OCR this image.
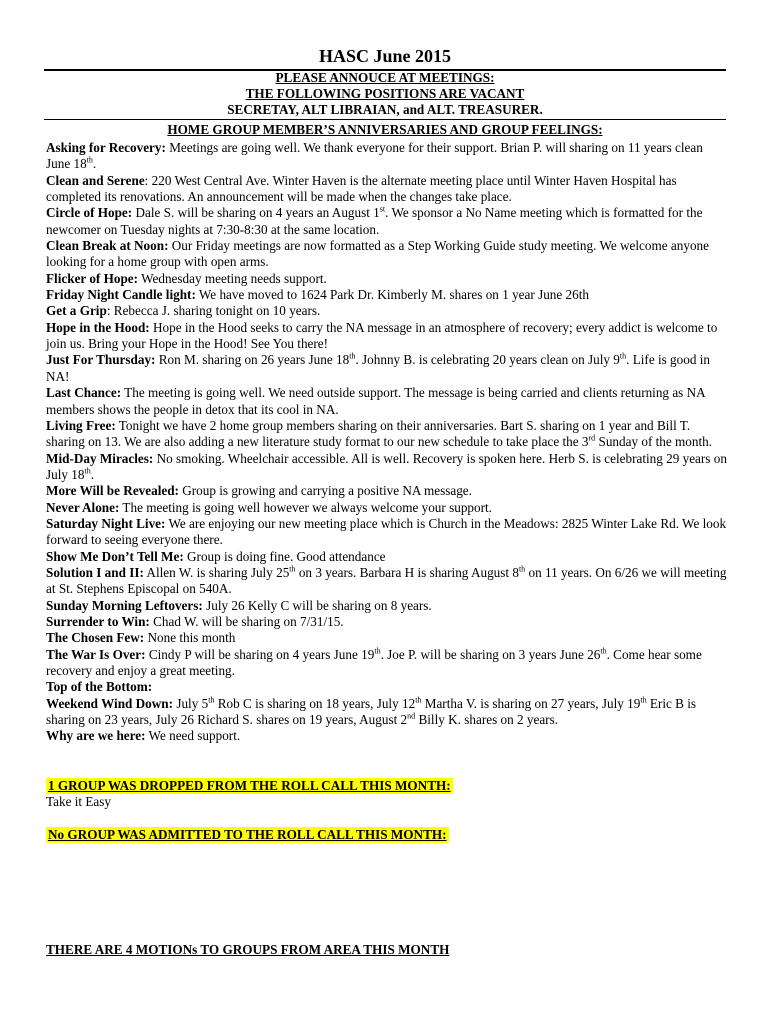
HASC June 2015
PLEASE ANNOUCE AT MEETINGS:
THE FOLLOWING POSITIONS ARE VACANT
SECRETAY, ALT LIBRAIAN, and ALT. TREASURER.
HOME GROUP MEMBER’S ANNIVERSARIES AND GROUP FEELINGS:

Asking for Recovery: Meetings are going well. We thank everyone for their support. Brian P. will sharing on 11 years clean June 18th.

Clean and Serene: 220 West Central Ave. Winter Haven is the alternate meeting place until Winter Haven Hospital has completed its renovations. An announcement will be made when the changes take place.

Circle of Hope: Dale S. will be sharing on 4 years an August 1st. We sponsor a No Name meeting which is formatted for the newcomer on Tuesday nights at 7:30-8:30 at the same location.

Clean Break at Noon: Our Friday meetings are now formatted as a Step Working Guide study meeting. We welcome anyone looking for a home group with open arms.

Flicker of Hope: Wednesday meeting needs support.

Friday Night Candle light: We have moved to 1624 Park Dr. Kimberly M. shares on 1 year June 26th

Get a Grip: Rebecca J. sharing tonight on 10 years.

Hope in the Hood: Hope in the Hood seeks to carry the NA message in an atmosphere of recovery; every addict is welcome to join us. Bring your Hope in the Hood! See You there!

Just For Thursday: Ron M. sharing on 26 years June 18th. Johnny B. is celebrating 20 years clean on July 9th. Life is good in NA!

Last Chance: The meeting is going well. We need outside support. The message is being carried and clients returning as NA members shows the people in detox that its cool in NA.

Living Free: Tonight we have 2 home group members sharing on their anniversaries. Bart S. sharing on 1 year and Bill T. sharing on 13. We are also adding a new literature study format to our new schedule to take place the 3rd Sunday of the month.

Mid-Day Miracles: No smoking. Wheelchair accessible. All is well. Recovery is spoken here. Herb S. is celebrating 29 years on July 18th.

More Will be Revealed: Group is growing and carrying a positive NA message.

Never Alone: The meeting is going well however we always welcome your support.

Saturday Night Live: We are enjoying our new meeting place which is Church in the Meadows: 2825 Winter Lake Rd. We look forward to seeing everyone there.

Show Me Don’t Tell Me: Group is doing fine. Good attendance

Solution I and II: Allen W. is sharing July 25th on 3 years. Barbara H is sharing August 8th on 11 years. On 6/26 we will meeting at St. Stephens Episcopal on 540A.

Sunday Morning Leftovers: July 26 Kelly C will be sharing on 8 years.

Surrender to Win: Chad W. will be sharing on 7/31/15.

The Chosen Few: None this month

The War Is Over: Cindy P will be sharing on 4 years June 19th. Joe P. will be sharing on 3 years June 26th. Come hear some recovery and enjoy a great meeting.

Top of the Bottom:

Weekend Wind Down: July 5th Rob C is sharing on 18 years, July 12th Martha V. is sharing on 27 years, July 19th Eric B is sharing on 23 years, July 26 Richard S. shares on 19 years, August 2nd Billy K. shares on 2 years.

Why are we here: We need support.

1 GROUP WAS DROPPED FROM THE ROLL CALL THIS MONTH:
Take it Easy
No GROUP WAS ADMITTED TO THE ROLL CALL THIS MONTH:
THERE ARE 4 MOTIONs TO GROUPS FROM AREA THIS MONTH
